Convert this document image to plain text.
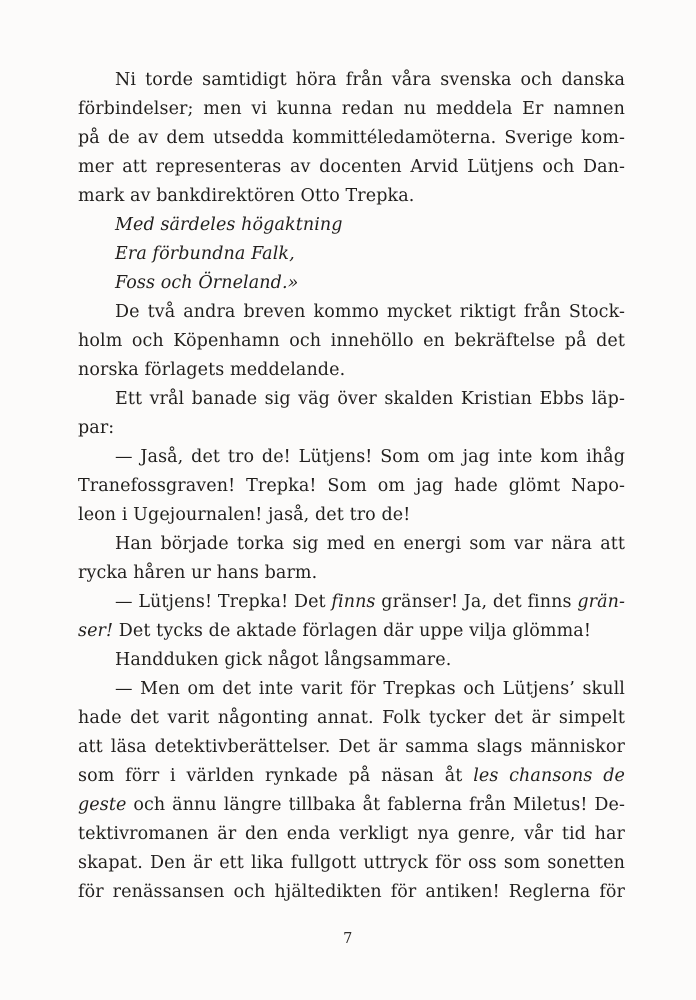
Ni torde samtidigt höra från våra svenska och danska
förbindelser; men vi kunna redan nu meddela Er namnen
på de av dem utsedda kommittéledamöterna. Sverige kom-
mer att representeras av docenten Arvid Lütjens och Dan-
mark av bankdirektören Otto Trepka.
Med särdeles högaktning
Era förbundna Falk,
Foss och Örneland.»
De två andra breven kommo mycket riktigt från Stock-
holm och Köpenhamn och innehöllo en bekräftelse på det
norska förlagets meddelande.
Ett vrål banade sig väg över skalden Kristian Ebbs läp-
par:
— Jaså, det tro de! Lütjens! Som om jag inte kom ihåg
Tranefossgraven! Trepka! Som om jag hade glömt Napo-
leon i Ugejournalen! jaså, det tro de!
Han började torka sig med en energi som var nära att
rycka håren ur hans barm.
— Lütjens! Trepka! Det finns gränser! Ja, det finns grän-
ser! Det tycks de aktade förlagen där uppe vilja glömma!
Handduken gick något långsammare.
— Men om det inte varit för Trepkas och Lütjens’ skull
hade det varit någonting annat. Folk tycker det är simpelt
att läsa detektivberättelser. Det är samma slags människor
som förr i världen rynkade på näsan åt les chansons de
geste och ännu längre tillbaka åt fablerna från Miletus! De-
tektivromanen är den enda verkligt nya genre, vår tid har
skapat. Den är ett lika fullgott uttryck för oss som sonetten
för renässansen och hjältedikten för antiken! Reglerna för
7
